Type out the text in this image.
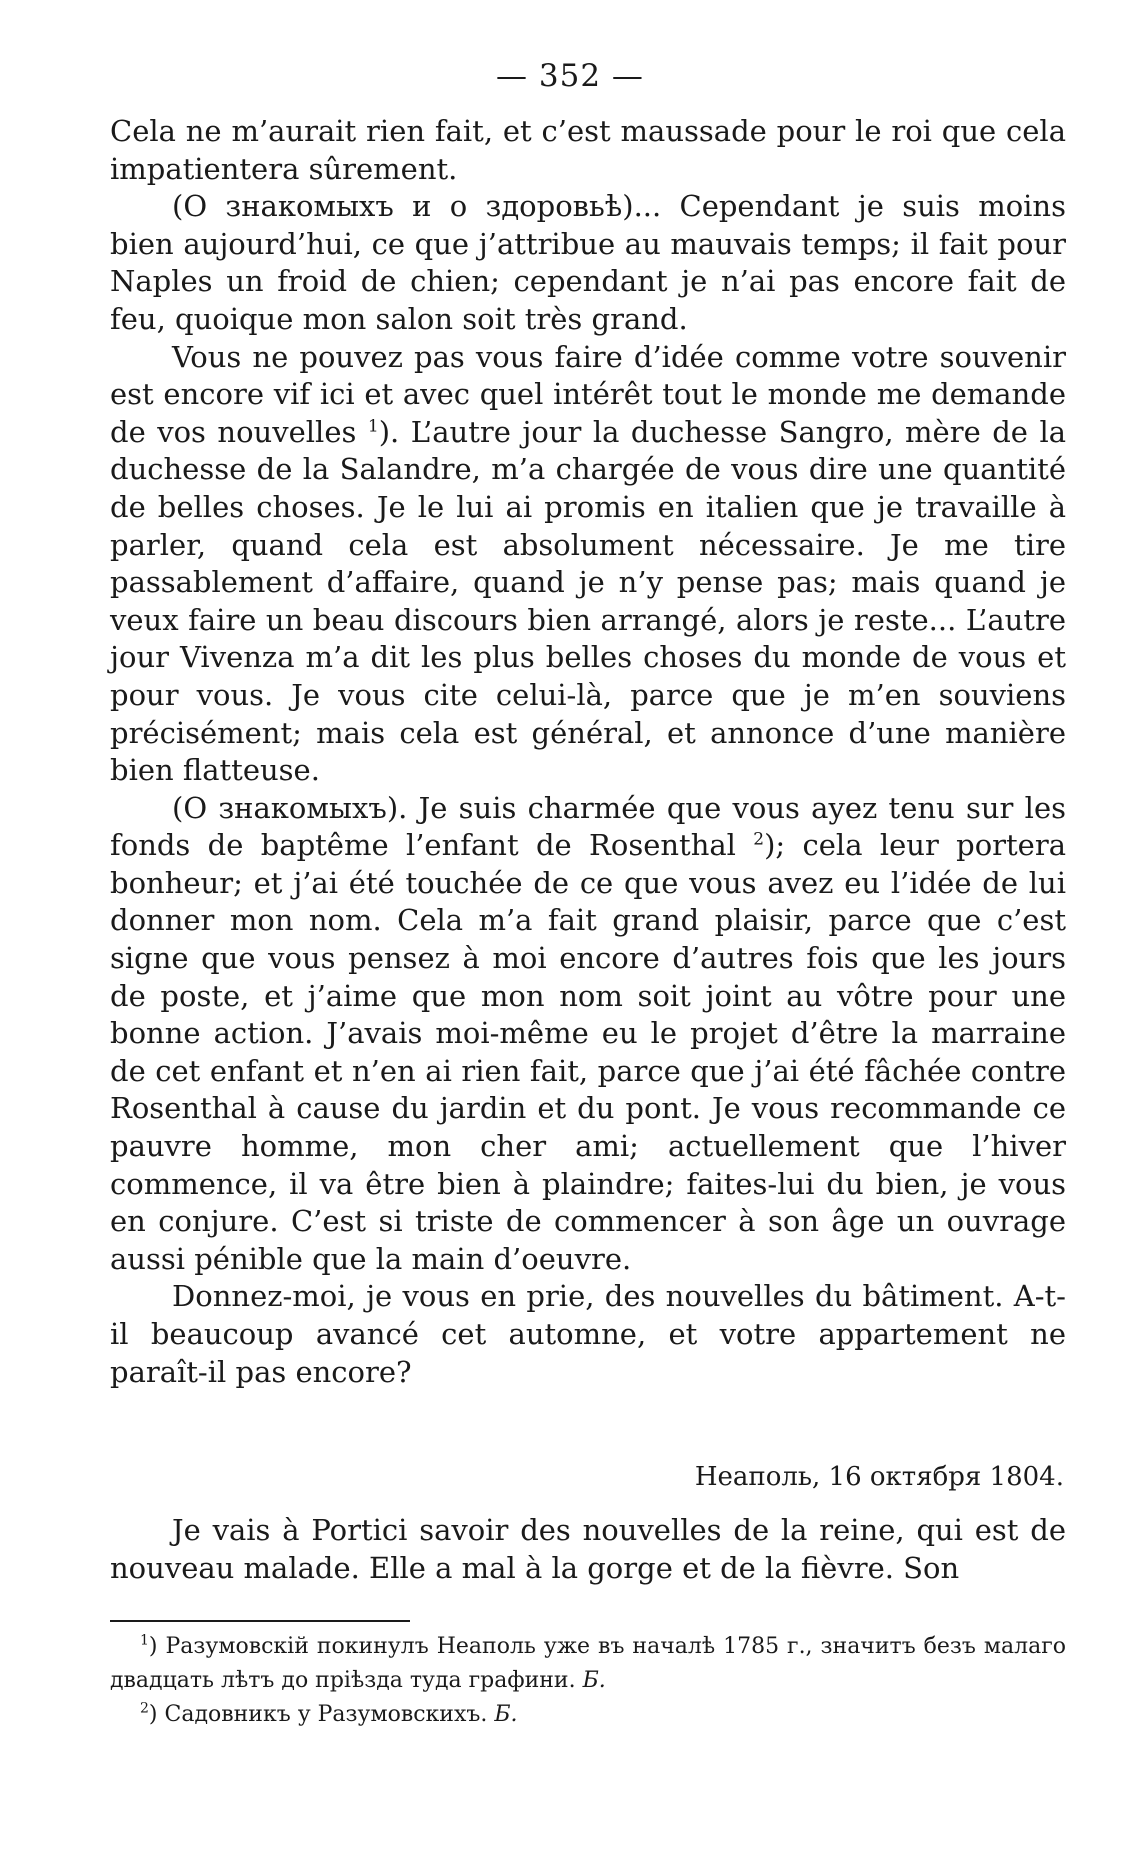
— 352 —

Cela ne m’aurait rien fait, et c’est maussade pour le roi que cela impatientera sûrement.

(О знакомыхъ и о здоровьѣ)... Cependant je suis moins bien aujourd’hui, ce que j’attribue au mauvais temps; il fait pour Naples un froid de chien; cependant je n’ai pas encore fait de feu, quoique mon salon soit très grand.

Vous ne pouvez pas vous faire d’idée comme votre souvenir est encore vif ici et avec quel intérêt tout le monde me demande de vos nouvelles $^1$). L’autre jour la duchesse Sangro, mère de la duchesse de la Salandre, m’a chargée de vous dire une quantité de belles choses. Je le lui ai promis en italien que je travaille à parler, quand cela est absolument nécessaire. Je me tire passablement d’affaire, quand je n’y pense pas; mais quand je veux faire un beau discours bien arrangé, alors je reste... L’autre jour Vivenza m’a dit les plus belles choses du monde de vous et pour vous. Je vous cite celui-là, parce que je m’en souviens précisément; mais cela est général, et annonce d’une manière bien flatteuse.

(О знакомыхъ). Je suis charmée que vous ayez tenu sur les fonds de baptême l’enfant de Rosenthal $^2$); cela leur portera bonheur; et j’ai été touchée de ce que vous avez eu l’idée de lui donner mon nom. Cela m’a fait grand plaisir, parce que c’est signe que vous pensez à moi encore d’autres fois que les jours de poste, et j’aime que mon nom soit joint au vôtre pour une bonne action. J’avais moi-même eu le projet d’être la marraine de cet enfant et n’en ai rien fait, parce que j’ai été fâchée contre Rosenthal à cause du jardin et du pont. Je vous recommande ce pauvre homme, mon cher ami; actuellement que l’hiver commence, il va être bien à plaindre; faites-lui du bien, je vous en conjure. C’est si triste de commencer à son âge un ouvrage aussi pénible que la main d’oeuvre.

Donnez-moi, je vous en prie, des nouvelles du bâtiment. A-t-il beaucoup avancé cet automne, et votre appartement ne paraît-il pas encore?

Неаполь, 16 октября 1804.

Je vais à Portici savoir des nouvelles de la reine, qui est de nouveau malade. Elle a mal à la gorge et de la fièvre. Son

$^1$) Разумовскій покинулъ Неаполь уже въ началѣ 1785 г., значитъ безъ малаго двадцать лѣтъ до пріѣзда туда графини. Б.

$^2$) Садовникъ у Разумовскихъ. Б.
